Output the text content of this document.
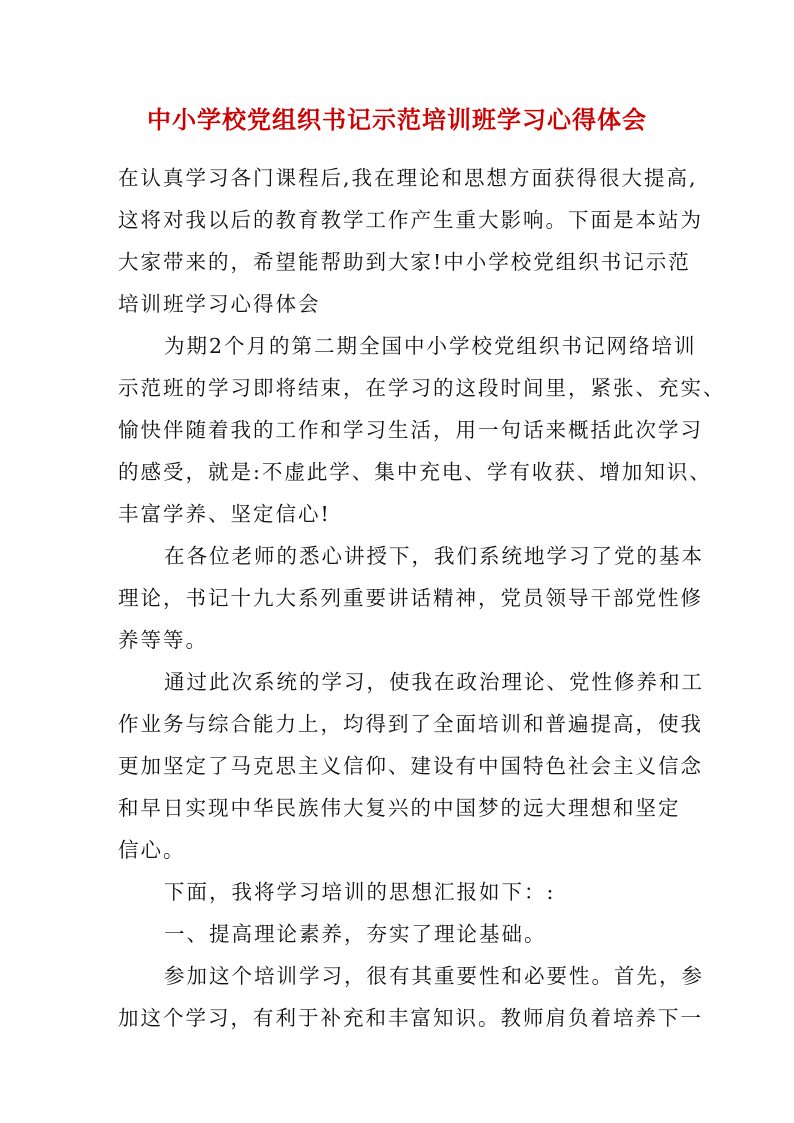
中小学校党组织书记示范培训班学习心得体会
在认真学习各门课程后,我在理论和思想方面获得很大提高,
这将对我以后的教育教学工作产生重大影响。下面是本站为
大家带来的，希望能帮助到大家!中小学校党组织书记示范
培训班学习心得体会
为期2个月的第二期全国中小学校党组织书记网络培训
示范班的学习即将结束，在学习的这段时间里，紧张、充实、
愉快伴随着我的工作和学习生活，用一句话来概括此次学习
的感受，就是:不虚此学、集中充电、学有收获、增加知识、
丰富学养、坚定信心!
在各位老师的悉心讲授下，我们系统地学习了党的基本
理论，书记十九大系列重要讲话精神，党员领导干部党性修
养等等。
通过此次系统的学习，使我在政治理论、党性修养和工
作业务与综合能力上，均得到了全面培训和普遍提高，使我
更加坚定了马克思主义信仰、建设有中国特色社会主义信念
和早日实现中华民族伟大复兴的中国梦的远大理想和坚定
信心。
下面，我将学习培训的思想汇报如下：:
一、提高理论素养，夯实了理论基础。
参加这个培训学习，很有其重要性和必要性。首先，参
加这个学习，有利于补充和丰富知识。教师肩负着培养下一
